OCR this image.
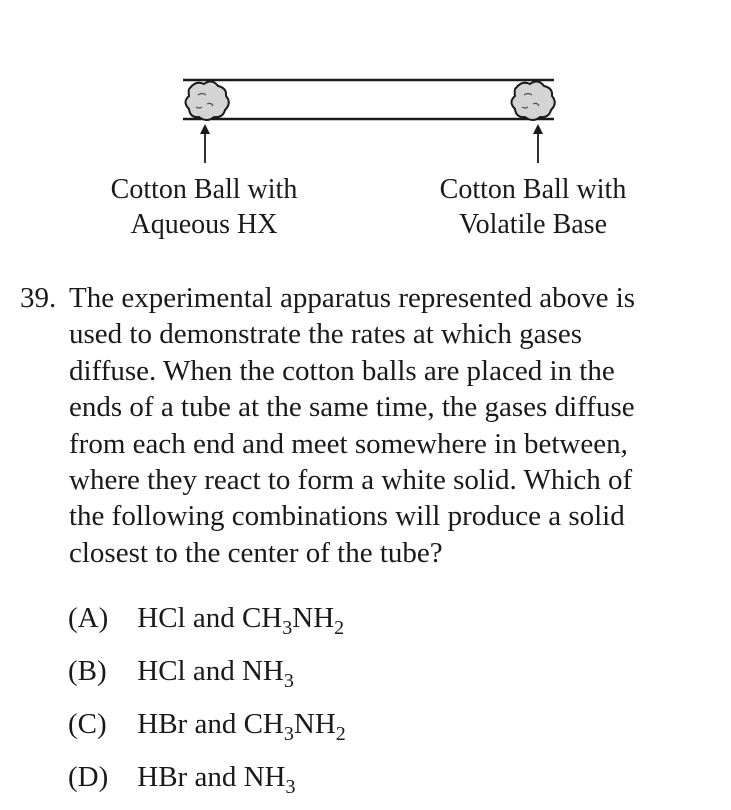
Cotton Ball with
Aqueous HX
Cotton Ball with
Volatile Base
39. The experimental apparatus represented above is
used to demonstrate the rates at which gases
diffuse. When the cotton balls are placed in the
ends of a tube at the same time, the gases diffuse
from each end and meet somewhere in between,
where they react to form a white solid. Which of
the following combinations will produce a solid
closest to the center of the tube?
(A) HCl and $CH_3NH_2$
(B) HCl and $NH_3$
(C) HBr and $CH_3NH_2$
(D) HBr and $NH_3$
